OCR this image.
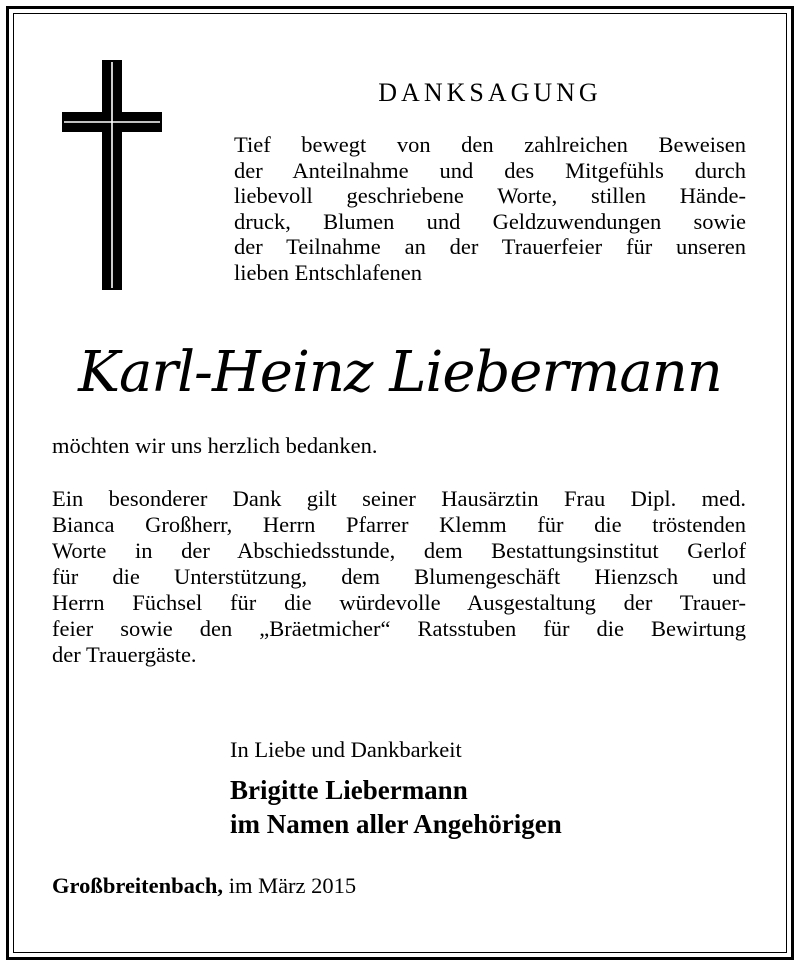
DANKSAGUNG
Tief bewegt von den zahlreichen Beweisen
der Anteilnahme und des Mitgefühls durch
liebevoll geschriebene Worte, stillen Hände-
druck, Blumen und Geldzuwendungen sowie
der Teilnahme an der Trauerfeier für unseren
lieben Entschlafenen
Karl-Heinz Liebermann
möchten wir uns herzlich bedanken.
Ein besonderer Dank gilt seiner Hausärztin Frau Dipl. med.
Bianca Großherr, Herrn Pfarrer Klemm für die tröstenden
Worte in der Abschiedsstunde, dem Bestattungsinstitut Gerlof
für die Unterstützung, dem Blumengeschäft Hienzsch und
Herrn Füchsel für die würdevolle Ausgestaltung der Trauer-
feier sowie den „Bräetmicher“ Ratsstuben für die Bewirtung
der Trauergäste.
In Liebe und Dankbarkeit
Brigitte Liebermann
im Namen aller Angehörigen
Großbreitenbach, im März 2015
